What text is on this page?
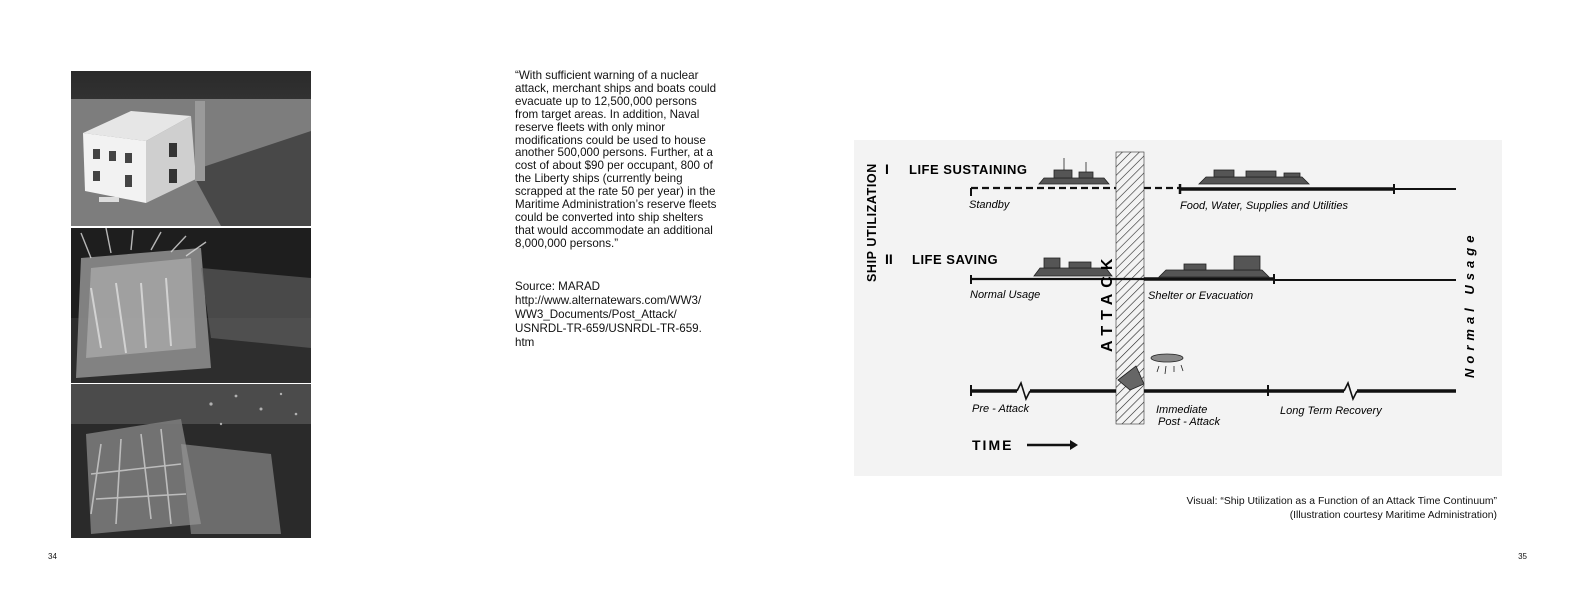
“With sufficient warning of a nuclear attack, merchant ships and boats could evacuate up to 12,500,000 persons from target areas. In addition, Naval reserve fleets with only minor modifications could be used to house another 500,000 persons. Further, at a cost of about $90 per occupant, 800 of the Liberty ships (currently being scrapped at the rate 50 per year) in the Maritime Administration’s reserve fleets could be converted into ship shelters that would accommodate an additional 8,000,000 persons.”

Source: MARAD
http://www.alternatewars.com/WW3/
WW3_Documents/Post_Attack/
USNRDL-TR-659/USNRDL-TR-659.
htm
34
SHIP UTILIZATION I LIFE SUSTAINING
Standby	Food, Water, Supplies and Utilities
II LIFE SAVING
Normal Usage	Shelter or Evacuation
ATTACK
Pre - Attack	Immediate
Post - Attack
Long Term Recovery
TIME
Normal Usage
Visual: “Ship Utilization as a Function of an Attack Time Continuum”
(Illustration courtesy Maritime Administration)
35
